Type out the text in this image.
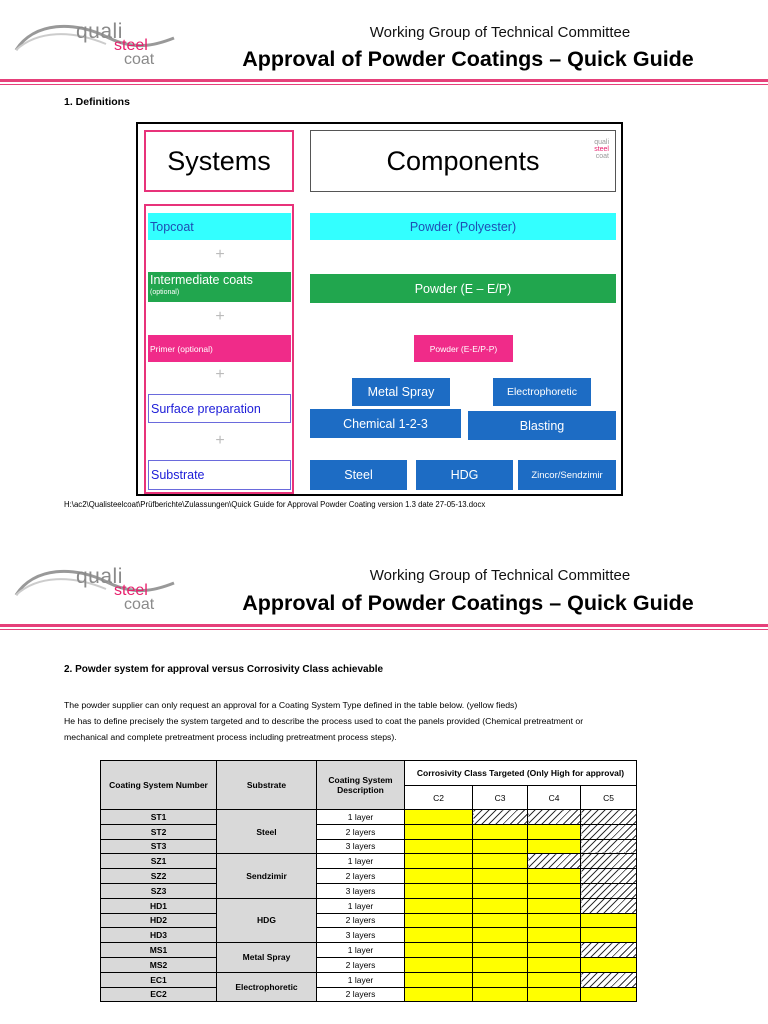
quali
steel
coat
Working Group of Technical Committee
Approval of Powder Coatings – Quick Guide
1. Definitions
Systems	Components
quali
steel
coat
Topcoat
+
Intermediate coats
(optional)
+
Primer (optional)
+
Surface preparation
+
Substrate
Powder (Polyester)
Powder (E – E/P)
Powder (E-E/P-P)
Metal Spray	Electrophoretic
Chemical 1-2-3	Blasting
Steel	HDG	Zincor/Sendzimir
H:\ac2\Qualisteelcoat\Prüfberichte\Zulassungen\Quick Guide for Approval Powder Coating version 1.3 date 27-05-13.docx
quali
steel
coat
Working Group of Technical Committee
Approval of Powder Coatings – Quick Guide
2. Powder system for approval versus Corrosivity Class achievable
The powder supplier can only request an approval for a Coating System Type defined in the table below. (yellow fieds)
He has to define precisely the system targeted and to describe the process used to coat the panels provided (Chemical pretreatment or
mechanical and complete pretreatment process including pretreatment process steps).
Coating System Number	Substrate	Coating System Description	Corrosivity Class Targeted (Only High for approval)			
			C2	C3	C4	C5
ST1	Steel	1 layer				
ST2		2 layers				
ST3		3 layers				
SZ1	Sendzimir	1 layer				
SZ2		2 layers				
SZ3		3 layers				
HD1	HDG	1 layer				
HD2		2 layers				
HD3		3 layers				
MS1	Metal Spray	1 layer				
MS2		2 layers				
EC1	Electrophoretic	1 layer				
EC2		2 layers				
